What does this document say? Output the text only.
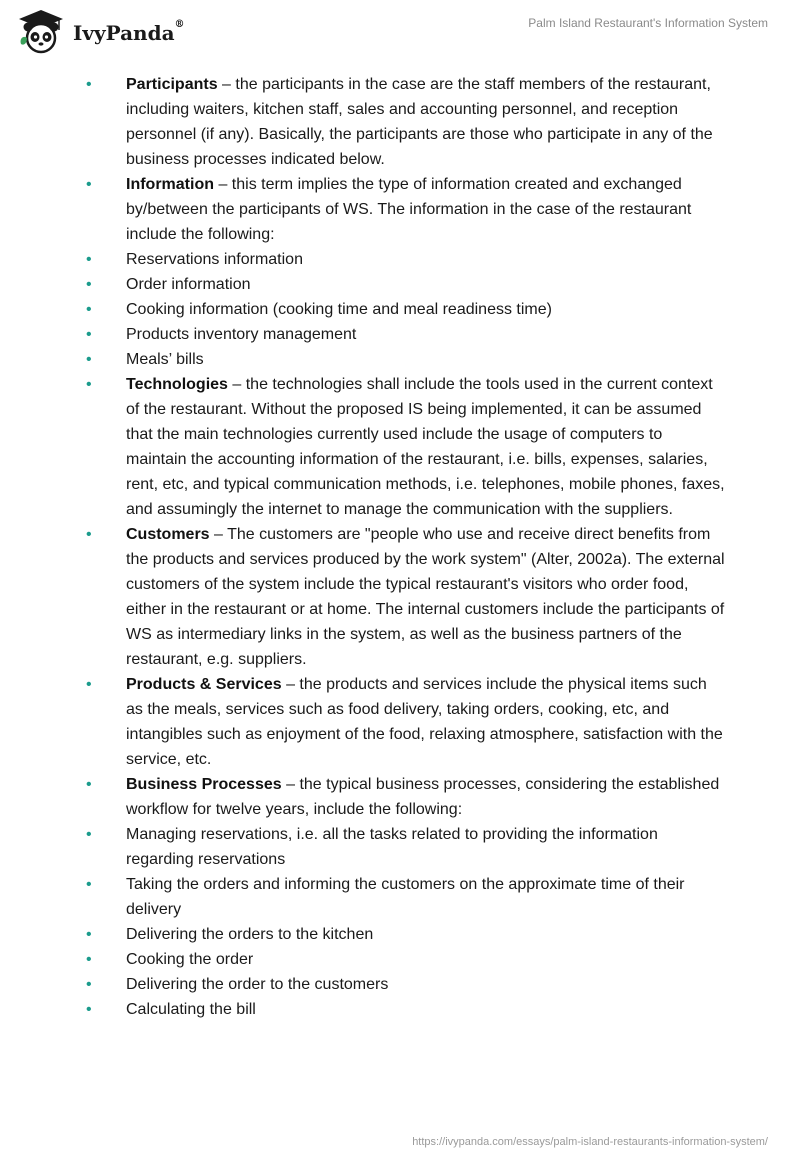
IvyPanda®	Palm Island Restaurant's Information System
•	Participants – the participants in the case are the staff members of the restaurant, including waiters, kitchen staff, sales and accounting personnel, and reception personnel (if any). Basically, the participants are those who participate in any of the business processes indicated below.
•	Information – this term implies the type of information created and exchanged by/between the participants of WS. The information in the case of the restaurant include the following:
•	Reservations information
•	Order information
•	Cooking information (cooking time and meal readiness time)
•	Products inventory management
•	Meals’ bills
•	Technologies – the technologies shall include the tools used in the current context of the restaurant. Without the proposed IS being implemented, it can be assumed that the main technologies currently used include the usage of computers to maintain the accounting information of the restaurant, i.e. bills, expenses, salaries, rent, etc, and typical communication methods, i.e. telephones, mobile phones, faxes, and assumingly the internet to manage the communication with the suppliers.
•	Customers – The customers are "people who use and receive direct benefits from the products and services produced by the work system" (Alter, 2002a). The external customers of the system include the typical restaurant's visitors who order food, either in the restaurant or at home. The internal customers include the participants of WS as intermediary links in the system, as well as the business partners of the restaurant, e.g. suppliers.
•	Products & Services – the products and services include the physical items such as the meals, services such as food delivery, taking orders, cooking, etc, and intangibles such as enjoyment of the food, relaxing atmosphere, satisfaction with the service, etc.
•	Business Processes – the typical business processes, considering the established workflow for twelve years, include the following:
•	Managing reservations, i.e. all the tasks related to providing the information regarding reservations
•	Taking the orders and informing the customers on the approximate time of their delivery
•	Delivering the orders to the kitchen
•	Cooking the order
•	Delivering the order to the customers
•	Calculating the bill
https://ivypanda.com/essays/palm-island-restaurants-information-system/
